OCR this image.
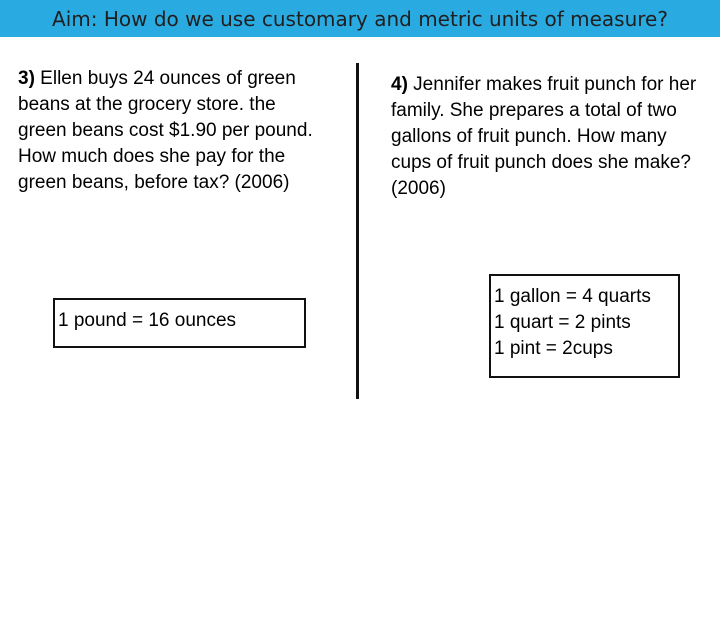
Aim: How do we use customary and metric units of measure?
3) Ellen buys 24 ounces of green beans at the grocery store. the green beans cost $1.90 per pound. How much does she pay for the green beans, before tax? (2006)
4) Jennifer makes fruit punch for her family. She prepares a total of two gallons of fruit punch. How many cups of fruit punch does she make? (2006)
1 pound = 16 ounces
1 gallon = 4 quarts
1 quart = 2 pints
1 pint = 2cups
